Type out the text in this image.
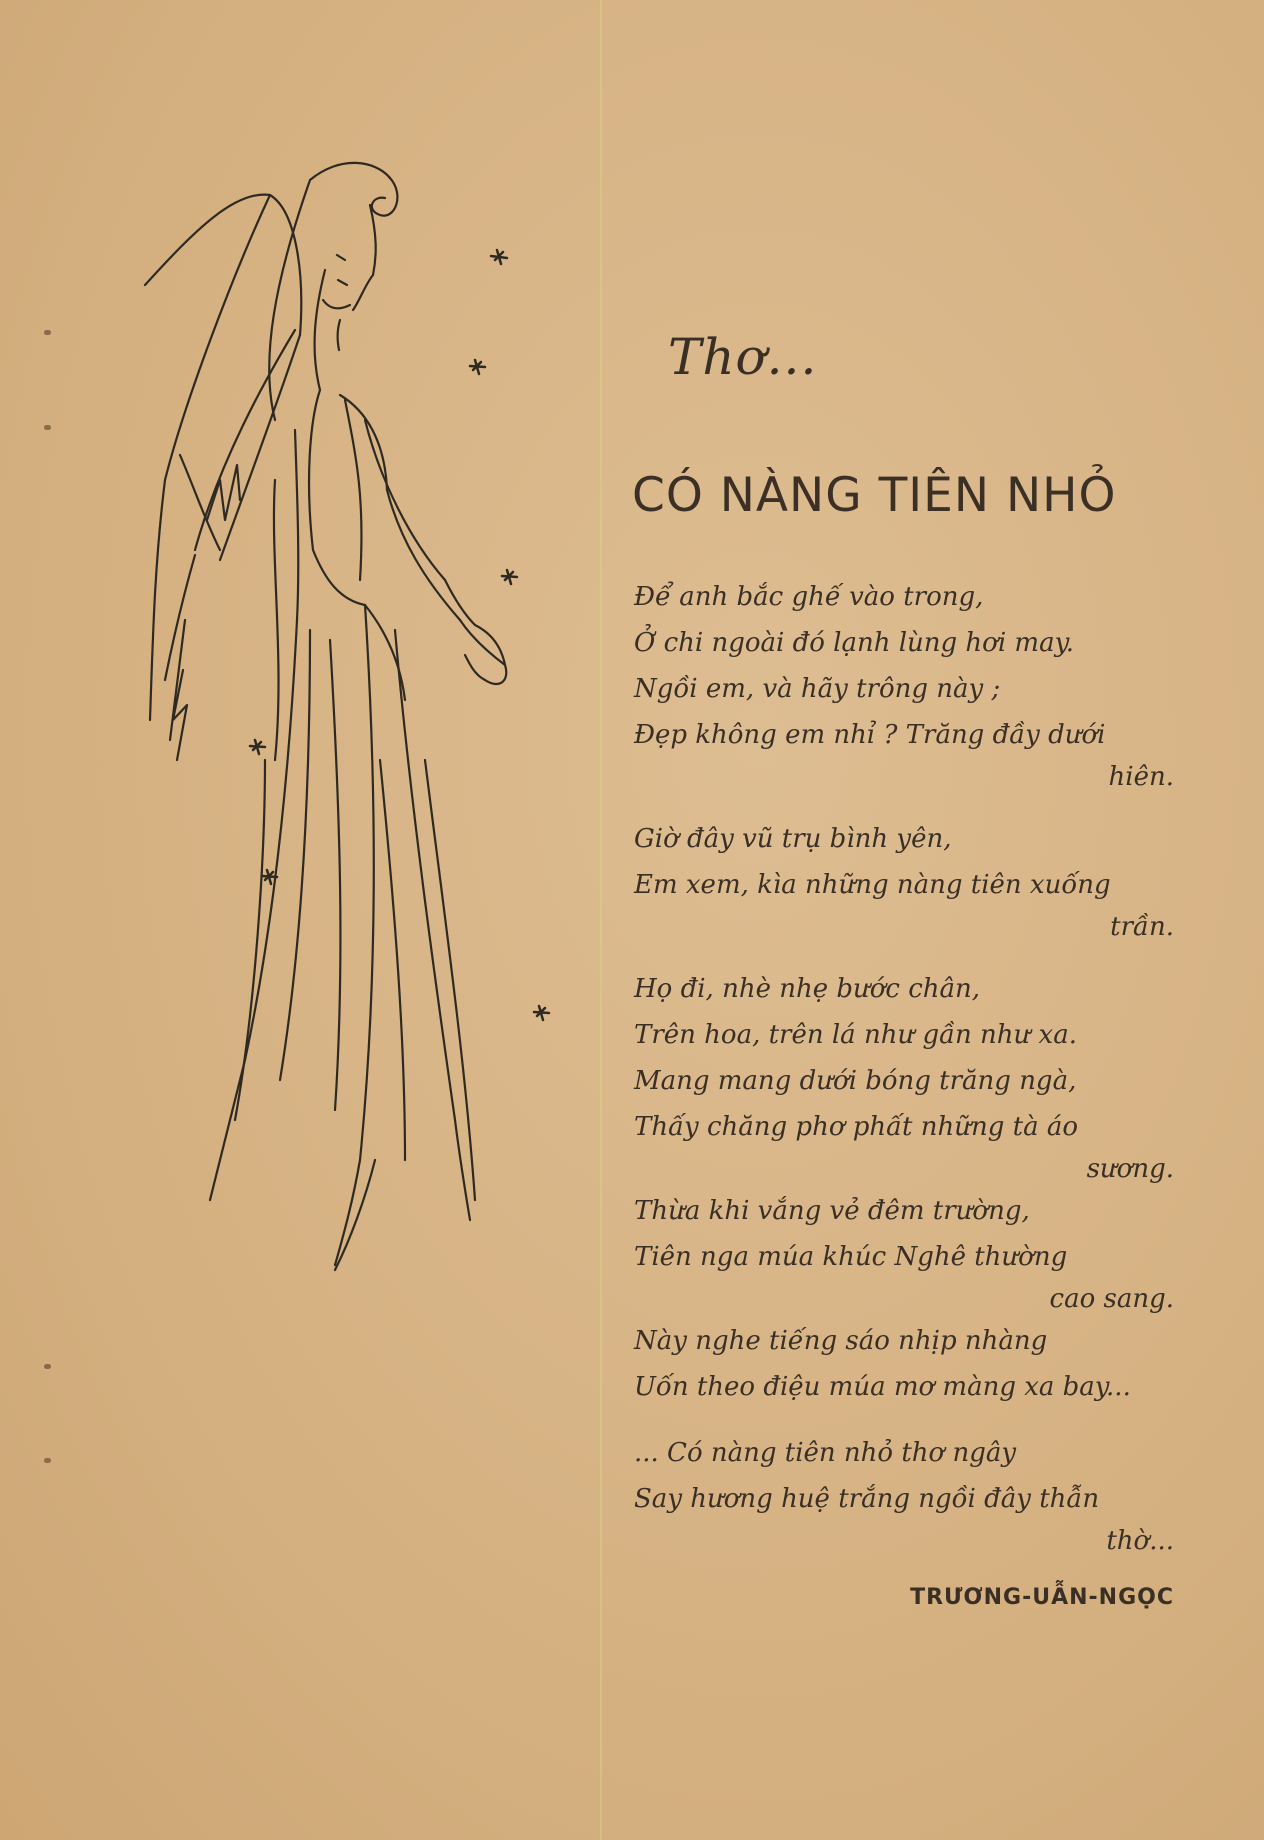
Thơ...
CÓ NÀNG TIÊN NHỎ
Để anh bắc ghế vào trong,
Ở chi ngoài đó lạnh lùng hơi may.
Ngồi em, và hãy trông này ;
Đẹp không em nhỉ ? Trăng đầy dưới
hiên.
Giờ đây vũ trụ bình yên,
Em xem, kìa những nàng tiên xuống
trần.
Họ đi, nhè nhẹ bước chân,
Trên hoa, trên lá như gần như xa.
Mang mang dưới bóng trăng ngà,
Thấy chăng phơ phất những tà áo
sương.
Thừa khi vắng vẻ đêm trường,
Tiên nga múa khúc Nghê thường
cao sang.
Này nghe tiếng sáo nhịp nhàng
Uốn theo điệu múa mơ màng xa bay...
... Có nàng tiên nhỏ thơ ngây
Say hương huệ trắng ngồi đây thẫn
thờ...
TRƯƠNG-UẪN-NGỌC
